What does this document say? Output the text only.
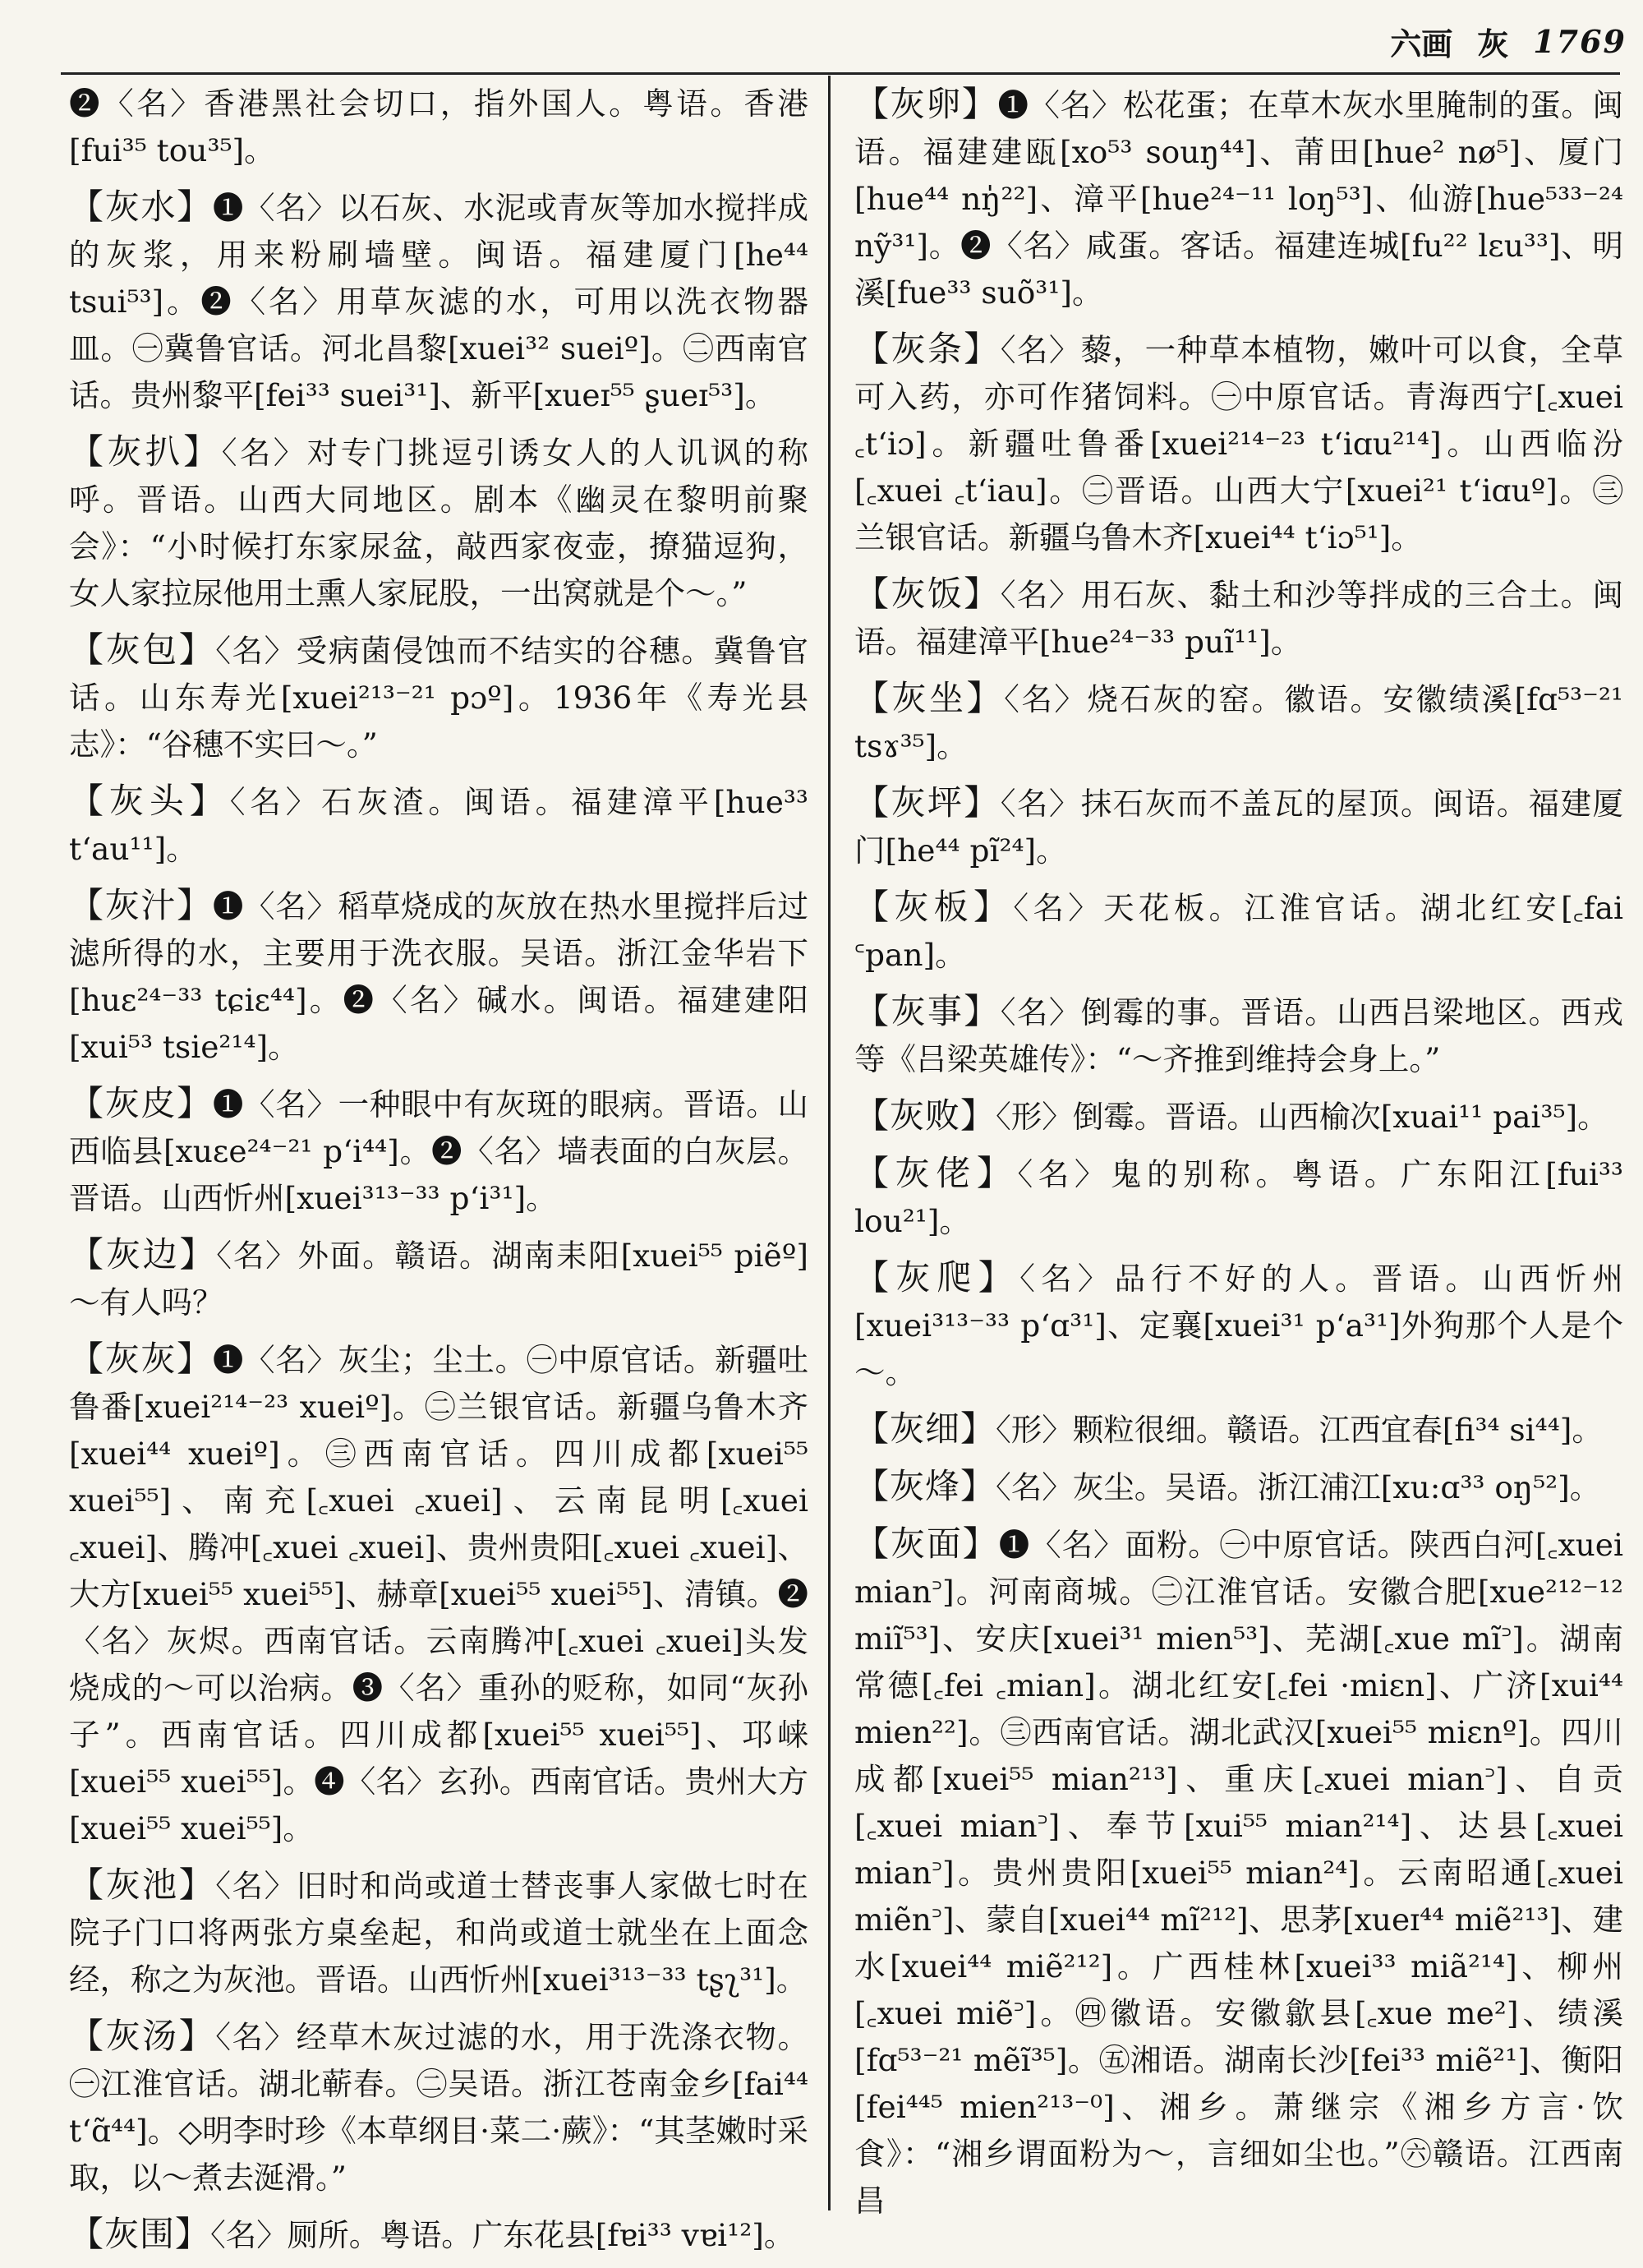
六画 灰 1769

❷〈名〉香港黑社会切口，指外国人。粤语。香港[fui³⁵ tou³⁵]。

【灰水】❶〈名〉以石灰、水泥或青灰等加水搅拌成的灰浆，用来粉刷墙壁。闽语。福建厦门[he⁴⁴ tsui⁵³]。❷〈名〉用草灰滤的水，可用以洗衣物器皿。㊀冀鲁官话。河北昌黎[xuei³² sueiº]。㊁西南官话。贵州黎平[fei³³ suei³¹]、新平[xueɪ⁵⁵ ʂueɪ⁵³]。

【灰扒】〈名〉对专门挑逗引诱女人的人讥讽的称呼。晋语。山西大同地区。剧本《幽灵在黎明前聚会》：“小时候打东家尿盆，敲西家夜壶，撩猫逗狗，女人家拉尿他用土熏人家屁股，一出窝就是个～。”

【灰包】〈名〉受病菌侵蚀而不结实的谷穗。冀鲁官话。山东寿光[xuei²¹³⁻²¹ pɔº]。1936年《寿光县志》：“谷穗不实曰～。”

【灰头】〈名〉石灰渣。闽语。福建漳平[hue³³ tʻau¹¹]。

【灰汁】❶〈名〉稻草烧成的灰放在热水里搅拌后过滤所得的水，主要用于洗衣服。吴语。浙江金华岩下[huɛ²⁴⁻³³ tɕiɛ⁴⁴]。❷〈名〉碱水。闽语。福建建阳[xui⁵³ tsie²¹⁴]。

【灰皮】❶〈名〉一种眼中有灰斑的眼病。晋语。山西临县[xuεe²⁴⁻²¹ pʻi⁴⁴]。❷〈名〉墙表面的白灰层。晋语。山西忻州[xuei³¹³⁻³³ pʻi³¹]。

【灰边】〈名〉外面。赣语。湖南耒阳[xuei⁵⁵ piẽº]～有人吗？

【灰灰】❶〈名〉灰尘；尘土。㊀中原官话。新疆吐鲁番[xuei²¹⁴⁻²³ xueiº]。㊁兰银官话。新疆乌鲁木齐[xuei⁴⁴ xueiº]。㊂西南官话。四川成都[xuei⁵⁵ xuei⁵⁵]、南充[꜀xuei ꜀xuei]、云南昆明[꜀xuei ꜀xuei]、腾冲[꜀xuei ꜀xuei]、贵州贵阳[꜀xuei ꜀xuei]、大方[xuei⁵⁵ xuei⁵⁵]、赫章[xuei⁵⁵ xuei⁵⁵]、清镇。❷〈名〉灰烬。西南官话。云南腾冲[꜀xuei ꜀xuei]头发烧成的～可以治病。❸〈名〉重孙的贬称，如同“灰孙子”。西南官话。四川成都[xuei⁵⁵ xuei⁵⁵]、邛崃[xuei⁵⁵ xuei⁵⁵]。❹〈名〉玄孙。西南官话。贵州大方[xuei⁵⁵ xuei⁵⁵]。

【灰池】〈名〉旧时和尚或道士替丧事人家做七时在院子门口将两张方桌垒起，和尚或道士就坐在上面念经，称之为灰池。晋语。山西忻州[xuei³¹³⁻³³ tʂʅ³¹]。

【灰汤】〈名〉经草木灰过滤的水，用于洗涤衣物。㊀江淮官话。湖北蕲春。㊁吴语。浙江苍南金乡[fai⁴⁴ tʻɑ̃⁴⁴]。◇明李时珍《本草纲目·菜二·蕨》：“其茎嫩时采取，以～煮去涎滑。”

【灰围】〈名〉厕所。粤语。广东花县[fɐi³³ vɐi¹²]。

【灰卵】❶〈名〉松花蛋；在草木灰水里腌制的蛋。闽语。福建建瓯[xo⁵³ souŋ⁴⁴]、莆田[hue² nø⁵]、厦门[hue⁴⁴ nŋ̍²²]、漳平[hue²⁴⁻¹¹ loŋ⁵³]、仙游[hue⁵³³⁻²⁴ nỹ³¹]。❷〈名〉咸蛋。客话。福建连城[fu²² lɛu³³]、明溪[fue³³ suõ³¹]。

【灰条】〈名〉藜，一种草本植物，嫩叶可以食，全草可入药，亦可作猪饲料。㊀中原官话。青海西宁[꜀xuei ꜀tʻiɔ]。新疆吐鲁番[xuei²¹⁴⁻²³ tʻiɑu²¹⁴]。山西临汾[꜀xuei ꜀tʻiau]。㊁晋语。山西大宁[xuei²¹ tʻiɑuº]。㊂兰银官话。新疆乌鲁木齐[xuei⁴⁴ tʻiɔ⁵¹]。

【灰饭】〈名〉用石灰、黏土和沙等拌成的三合土。闽语。福建漳平[hue²⁴⁻³³ puĩ¹¹]。

【灰坐】〈名〉烧石灰的窑。徽语。安徽绩溪[fɑ⁵³⁻²¹ tsɤ³⁵]。

【灰坪】〈名〉抹石灰而不盖瓦的屋顶。闽语。福建厦门[he⁴⁴ pĩ²⁴]。

【灰板】〈名〉天花板。江淮官话。湖北红安[꜀fai ꜂pan]。

【灰事】〈名〉倒霉的事。晋语。山西吕梁地区。西戎等《吕梁英雄传》：“～齐推到维持会身上。”

【灰败】〈形〉倒霉。晋语。山西榆次[xuai¹¹ pai³⁵]。

【灰佬】〈名〉鬼的别称。粤语。广东阳江[fui³³ lou²¹]。

【灰爬】〈名〉品行不好的人。晋语。山西忻州[xuei³¹³⁻³³ pʻɑ³¹]、定襄[xuei³¹ pʻa³¹]外狗那个人是个～。

【灰细】〈形〉颗粒很细。赣语。江西宜春[fi³⁴ si⁴⁴]。

【灰烽】〈名〉灰尘。吴语。浙江浦江[xu:ɑ³³ oŋ⁵²]。

【灰面】❶〈名〉面粉。㊀中原官话。陕西白河[꜀xuei mian꜄]。河南商城。㊁江淮官话。安徽合肥[xue²¹²⁻¹² miĩ⁵³]、安庆[xuei³¹ mien⁵³]、芜湖[꜀xue mĩ꜄]。湖南常德[꜀fei ꜀mian]。湖北红安[꜀fei ·miɛn]、广济[xui⁴⁴ mien²²]。㊂西南官话。湖北武汉[xuei⁵⁵ miɛnº]。四川成都[xuei⁵⁵ mian²¹³]、重庆[꜀xuei mian꜄]、自贡[꜀xuei mian꜄]、奉节[xui⁵⁵ mian²¹⁴]、达县[꜀xuei mian꜄]。贵州贵阳[xuei⁵⁵ mian²⁴]。云南昭通[꜀xuei miẽn꜄]、蒙自[xuei⁴⁴ mĩ²¹²]、思茅[xueɪ⁴⁴ miẽ²¹³]、建水[xuei⁴⁴ miẽ²¹²]。广西桂林[xuei³³ miã²¹⁴]、柳州[꜀xuei miẽ꜄]。㊃徽语。安徽歙县[꜀xue me²]、绩溪[fɑ⁵³⁻²¹ mẽĩ³⁵]。㊄湘语。湖南长沙[fei³³ miẽ²¹]、衡阳[fei⁴⁴⁵ mien²¹³⁻⁰]、湘乡。萧继宗《湘乡方言·饮食》：“湘乡谓面粉为～，言细如尘也。”㊅赣语。江西南昌
